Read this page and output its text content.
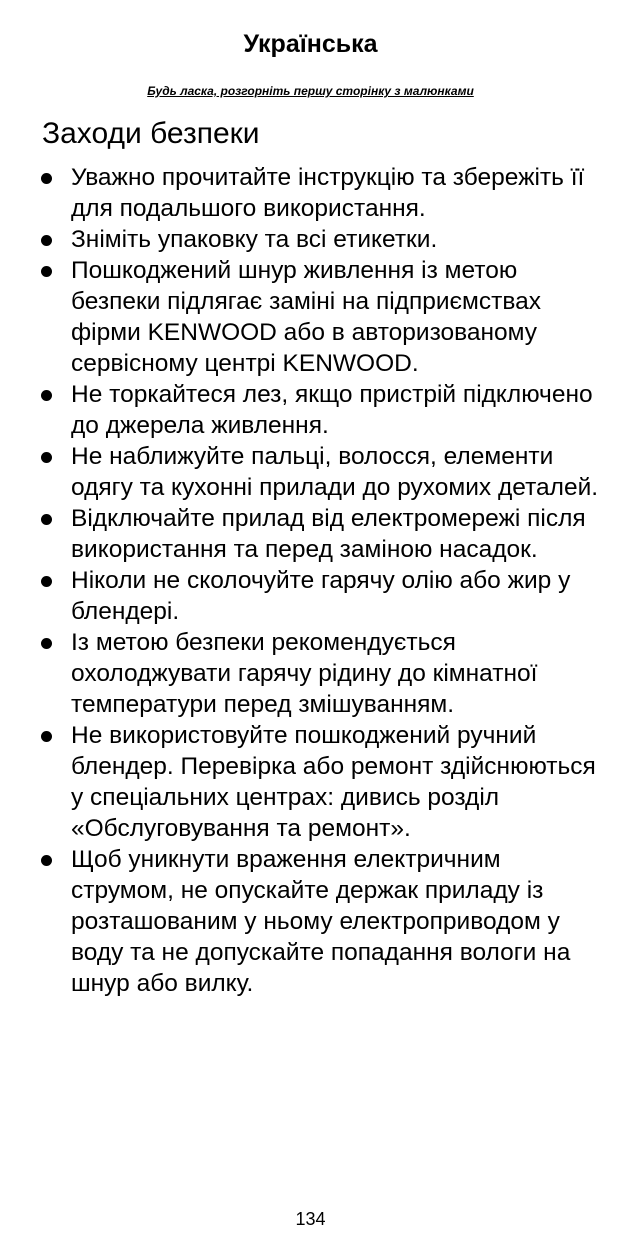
Українська
Будь ласка, розгорніть першу сторінку з малюнками
Заходи безпеки
Уважно прочитайте інструкцію та збережіть її для подальшого використання.
Зніміть упаковку та всі етикетки.
Пошкоджений шнур живлення із метою безпеки підлягає заміні на підприємствах фірми KENWOOD або в авторизованому сервісному центрі KENWOOD.
Не торкайтеся лез, якщо пристрій підключено до джерела живлення.
Не наближуйте пальці, волосся, елементи одягу та кухонні прилади до рухомих деталей.
Відключайте прилад від електромережі після використання та перед заміною насадок.
Ніколи не сколочуйте гарячу олію або жир у блендері.
Із метою безпеки рекомендується охолоджувати гарячу рідину до кімнатної температури перед змішуванням.
Не використовуйте пошкоджений ручний блендер. Перевірка або ремонт здійснюються у спеціальних центрах: дивись розділ «Обслуговування та ремонт».
Щоб уникнути враження електричним струмом, не опускайте держак приладу із розташованим у ньому електроприводом у воду та не допускайте попадання вологи на шнур або вилку.
134
